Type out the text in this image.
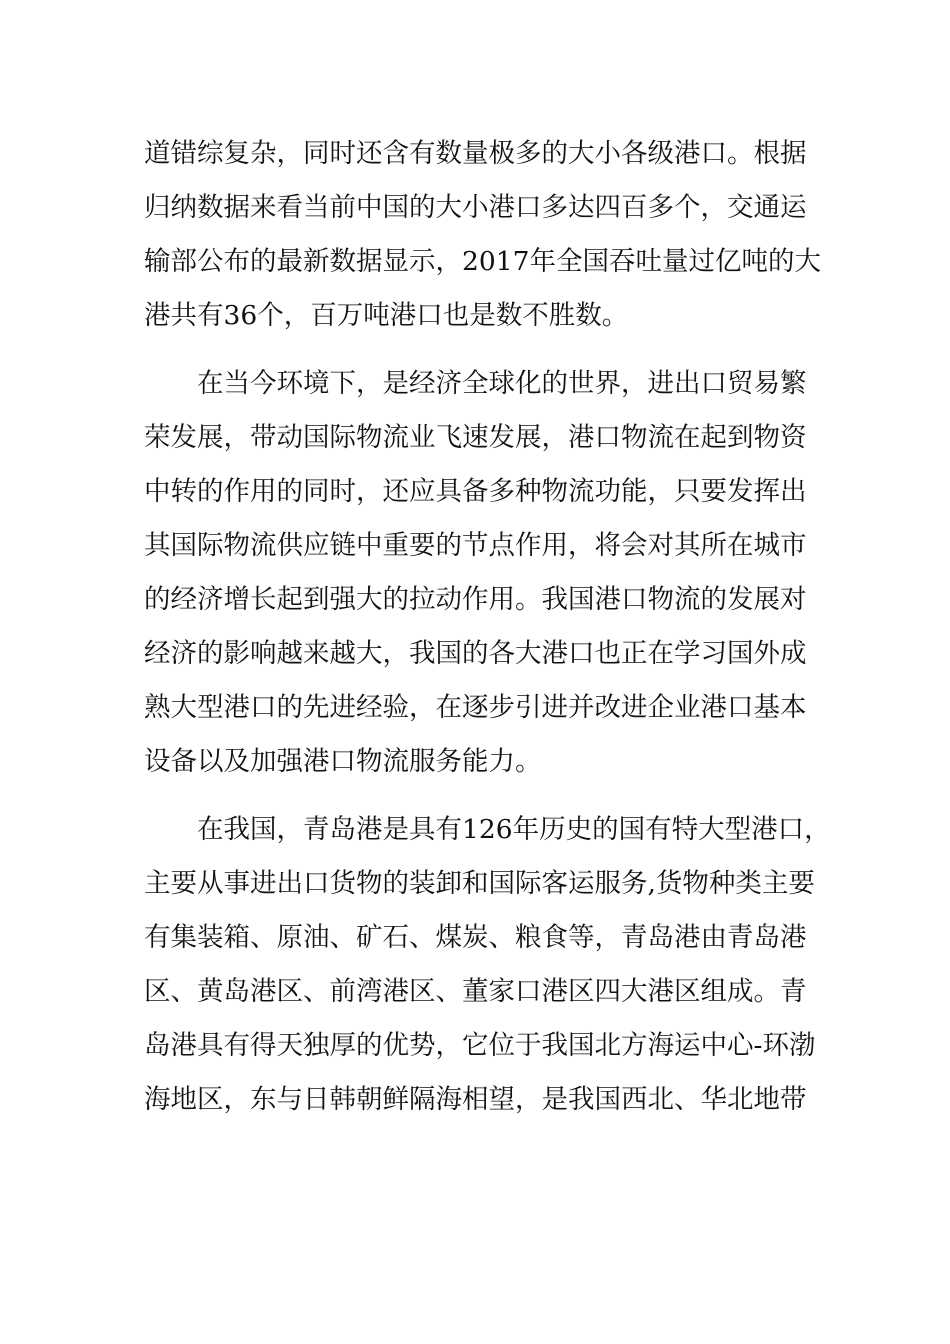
道错综复杂，同时还含有数量极多的大小各级港口。根据

归纳数据来看当前中国的大小港口多达四百多个，交通运

输部公布的最新数据显示，2017年全国吞吐量过亿吨的大

港共有36个，百万吨港口也是数不胜数。

在当今环境下，是经济全球化的世界，进出口贸易繁

荣发展，带动国际物流业飞速发展，港口物流在起到物资

中转的作用的同时，还应具备多种物流功能，只要发挥出

其国际物流供应链中重要的节点作用，将会对其所在城市

的经济增长起到强大的拉动作用。我国港口物流的发展对

经济的影响越来越大，我国的各大港口也正在学习国外成

熟大型港口的先进经验，在逐步引进并改进企业港口基本

设备以及加强港口物流服务能力。

在我国，青岛港是具有126年历史的国有特大型港口，

主要从事进出口货物的装卸和国际客运服务,货物种类主要

有集装箱、原油、矿石、煤炭、粮食等，青岛港由青岛港

区、黄岛港区、前湾港区、董家口港区四大港区组成。青

岛港具有得天独厚的优势，它位于我国北方海运中心-环渤

海地区，东与日韩朝鲜隔海相望，是我国西北、华北地带
